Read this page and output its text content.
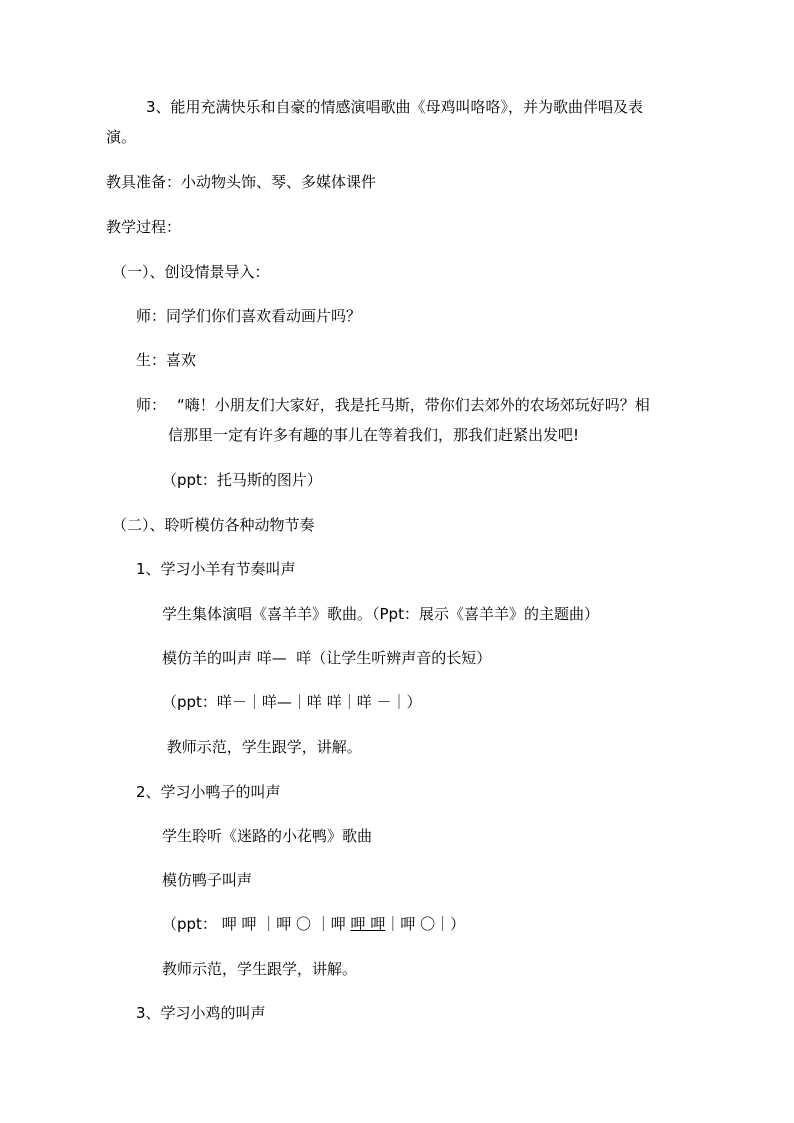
3、能用充满快乐和自豪的情感演唱歌曲《母鸡叫咯咯》，并为歌曲伴唱及表
演。
教具准备：小动物头饰、琴、多媒体课件
教学过程：
（一）、创设情景导入：
师：同学们你们喜欢看动画片吗？
生：喜欢
师： “嗨！小朋友们大家好，我是托马斯，带你们去郊外的农场郊玩好吗？相
信那里一定有许多有趣的事儿在等着我们，那我们赶紧出发吧!
（ppt：托马斯的图片）
（二）、聆听模仿各种动物节奏
1、学习小羊有节奏叫声
学生集体演唱《喜羊羊》歌曲。（Ppt：展示《喜羊羊》的主题曲）
模仿羊的叫声 咩—  咩（让学生听辨声音的长短）
（ppt：咩－｜咩—｜咩 咩｜咩 －｜）
教师示范，学生跟学，讲解。
2、学习小鸭子的叫声
学生聆听《迷路的小花鸭》歌曲
模仿鸭子叫声
（ppt： 呷 呷 ｜呷 〇 ｜呷 呷 呷｜呷 〇｜）
教师示范，学生跟学，讲解。
3、学习小鸡的叫声
